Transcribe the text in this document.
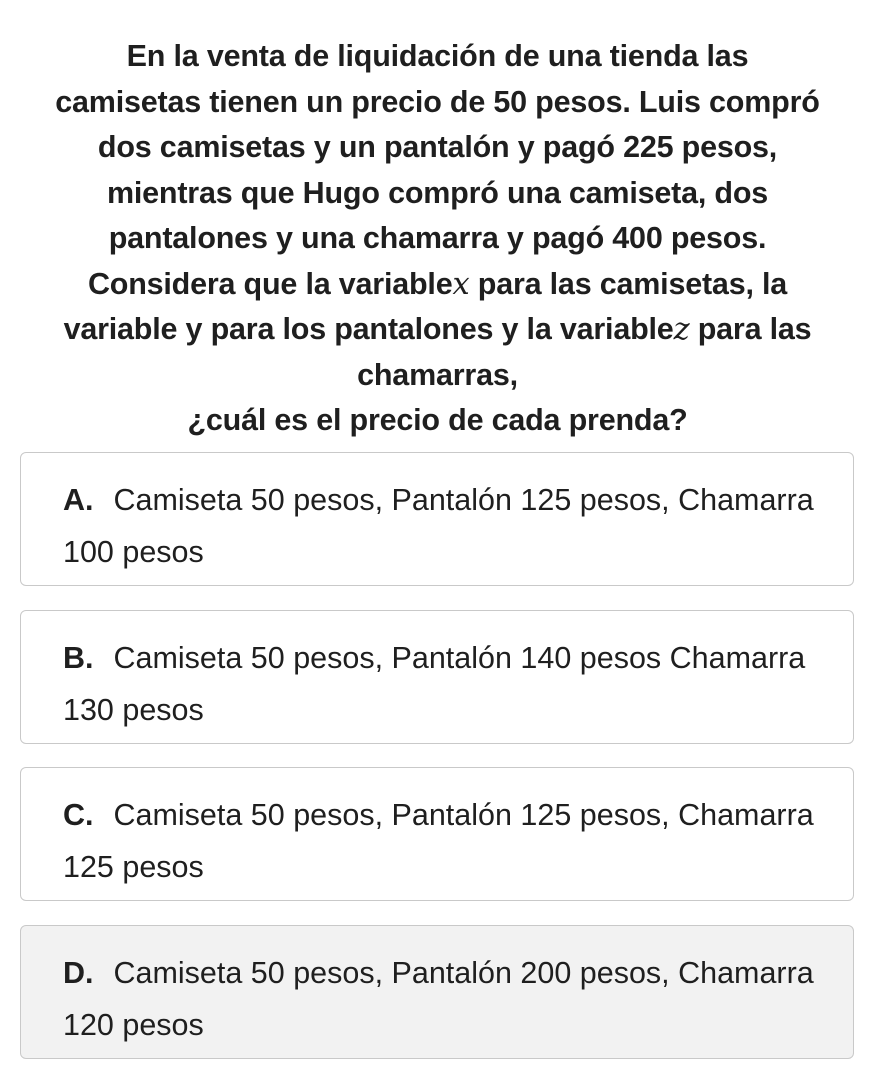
En la venta de liquidación de una tienda las
camisetas tienen un precio de 50 pesos. Luis compró
dos camisetas y un pantalón y pagó 225 pesos,
mientras que Hugo compró una camiseta, dos
pantalones y una chamarra y pagó 400 pesos.
Considera que la variablex para las camisetas, la
variable y para los pantalones y la variablez para las
chamarras,
¿cuál es el precio de cada prenda?
A. Camiseta 50 pesos, Pantalón 125 pesos, Chamarra 100 pesos
B. Camiseta 50 pesos, Pantalón 140 pesos Chamarra 130 pesos
C. Camiseta 50 pesos, Pantalón 125 pesos, Chamarra 125 pesos
D. Camiseta 50 pesos, Pantalón 200 pesos, Chamarra 120 pesos
